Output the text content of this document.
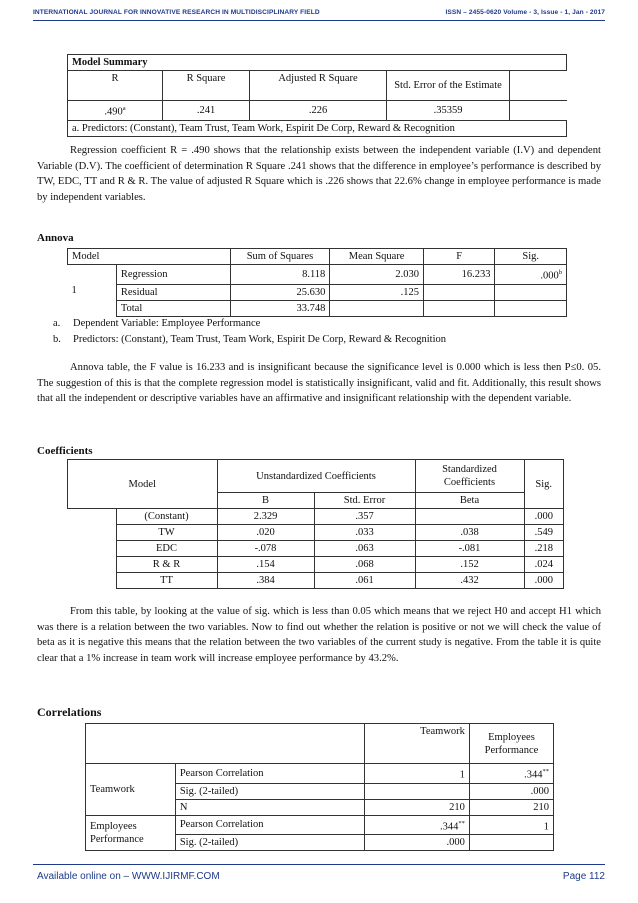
INTERNATIONAL JOURNAL FOR INNOVATIVE RESEARCH IN MULTIDISCIPLINARY FIELD	ISSN – 2455-0620 Volume - 3, Issue - 1, Jan - 2017
Model Summary				
R	R Square	Adjusted R Square	Std. Error of the Estimate	
.490$^a$	.241	.226	.35359	
a. Predictors: (Constant), Team Trust, Team Work, Espirit De Corp, Reward & Recognition				

Regression coefficient R = .490 shows that the relationship exists between the independent variable (I.V) and dependent Variable (D.V). The coefficient of determination R Square .241 shows that the difference in employee’s performance is described by TW, EDC, TT and R & R. The value of adjusted R Square which is .226 shows that 22.6% change in employee performance is made by independent variables.

Annova
Model		Sum of Squares	Mean Square	F	Sig.
1	Regression	8.118	2.030	16.233	.000$^b$
	Residual	25.630	.125		
	Total	33.748			
a. Dependent Variable: Employee Performance
b. Predictors: (Constant), Team Trust, Team Work, Espirit De Corp, Reward & Recognition

Annova table, the F value is 16.233 and is insignificant because the significance level is 0.000 which is less then P≤0. 05. The suggestion of this is that the complete regression model is statistically insignificant, valid and fit. Additionally, this result shows that all the independent or descriptive variables have an affirmative and insignificant relationship with the dependent variable.

Coefficients
Model		Unstandardized Coefficients		Standardized Coefficients	Sig.
		B	Std. Error	Beta	
	(Constant)	2.329	.357		.000
	TW	.020	.033	.038	.549
	EDC	-.078	.063	-.081	.218
	R & R	.154	.068	.152	.024
	TT	.384	.061	.432	.000

From this table, by looking at the value of sig. which is less than 0.05 which means that we reject H0 and accept H1 which was there is a relation between the two variables. Now to find out whether the relation is positive or not we will check the value of beta as it is negative this means that the relation between the two variables of the current study is negative. From the table it is quite clear that a 1% increase in team work will increase employee performance by 43.2%.

Correlations
		Teamwork	Employees Performance
Teamwork	Pearson Correlation	1	.344**
	Sig. (2-tailed)		.000
	N	210	210
Employees Performance	Pearson Correlation	.344**	1
	Sig. (2-tailed)	.000	
Available online on – WWW.IJIRMF.COM	Page 112
